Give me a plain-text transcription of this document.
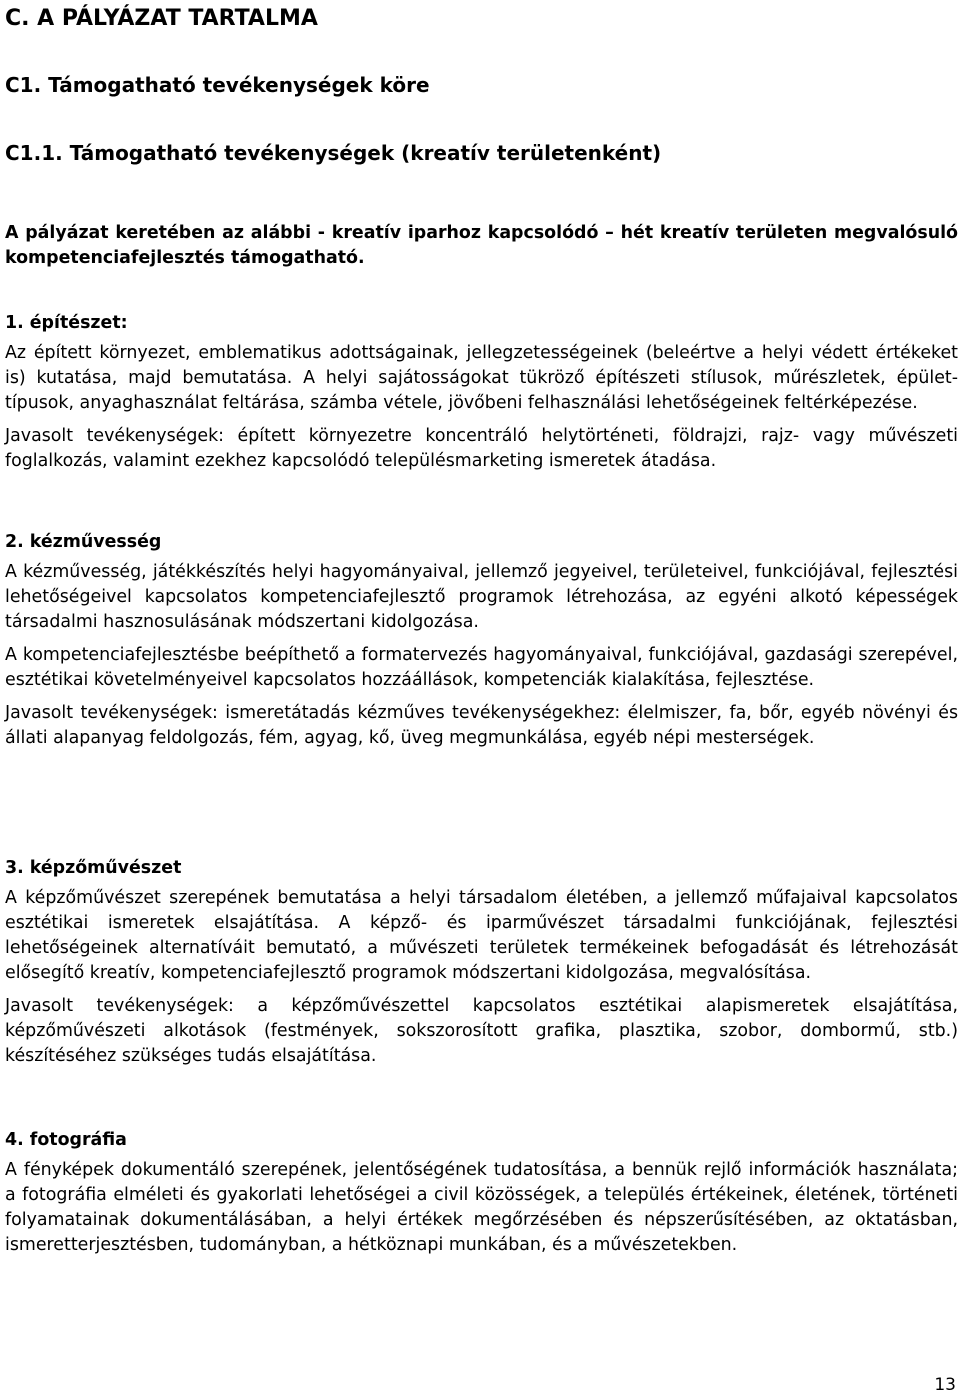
C. A PÁLYÁZAT TARTALMA
C1. Támogatható tevékenységek köre
C1.1. Támogatható tevékenységek (kreatív területenként)

A pályázat keretében az alábbi - kreatív iparhoz kapcsolódó – hét kreatív területen megvalósuló kompetenciafejlesztés támogatható.

1. építészet:

Az épített környezet, emblematikus adottságainak, jellegzetességeinek (beleértve a helyi védett értékeket is) kutatása, majd bemutatása. A helyi sajátosságokat tükröző építészeti stílusok, műrészletek, épület-típusok, anyaghasználat feltárása, számba vétele, jövőbeni felhasználási lehetőségeinek feltérképezése.

Javasolt tevékenységek: épített környezetre koncentráló helytörténeti, földrajzi, rajz- vagy művészeti foglalkozás, valamint ezekhez kapcsolódó településmarketing ismeretek átadása.

2. kézművesség

A kézművesség, játékkészítés helyi hagyományaival, jellemző jegyeivel, területeivel, funkciójával, fejlesztési lehetőségeivel kapcsolatos kompetenciafejlesztő programok létrehozása, az egyéni alkotó képességek társadalmi hasznosulásának módszertani kidolgozása.

A kompetenciafejlesztésbe beépíthető a formatervezés hagyományaival, funkciójával, gazdasági szerepével, esztétikai követelményeivel kapcsolatos hozzáállások, kompetenciák kialakítása, fejlesztése.

Javasolt tevékenységek: ismeretátadás kézműves tevékenységekhez: élelmiszer, fa, bőr, egyéb növényi és állati alapanyag feldolgozás, fém, agyag, kő, üveg megmunkálása, egyéb népi mesterségek.

3. képzőművészet

A képzőművészet szerepének bemutatása a helyi társadalom életében, a jellemző műfajaival kapcsolatos esztétikai ismeretek elsajátítása. A képző- és iparművészet társadalmi funkciójának, fejlesztési lehetőségeinek alternatíváit bemutató, a művészeti területek termékeinek befogadását és létrehozását elősegítő kreatív, kompetenciafejlesztő programok módszertani kidolgozása, megvalósítása.

Javasolt tevékenységek: a képzőművészettel kapcsolatos esztétikai alapismeretek elsajátítása, képzőművészeti alkotások (festmények, sokszorosított grafika, plasztika, szobor, dombormű, stb.) készítéséhez szükséges tudás elsajátítása.

4. fotográfia

A fényképek dokumentáló szerepének, jelentőségének tudatosítása, a bennük rejlő információk használata; a fotográfia elméleti és gyakorlati lehetőségei a civil közösségek, a település értékeinek, életének, történeti folyamatainak dokumentálásában, a helyi értékek megőrzésében és népszerűsítésében, az oktatásban, ismeretterjesztésben, tudományban, a hétköznapi munkában, és a művészetekben.

13
